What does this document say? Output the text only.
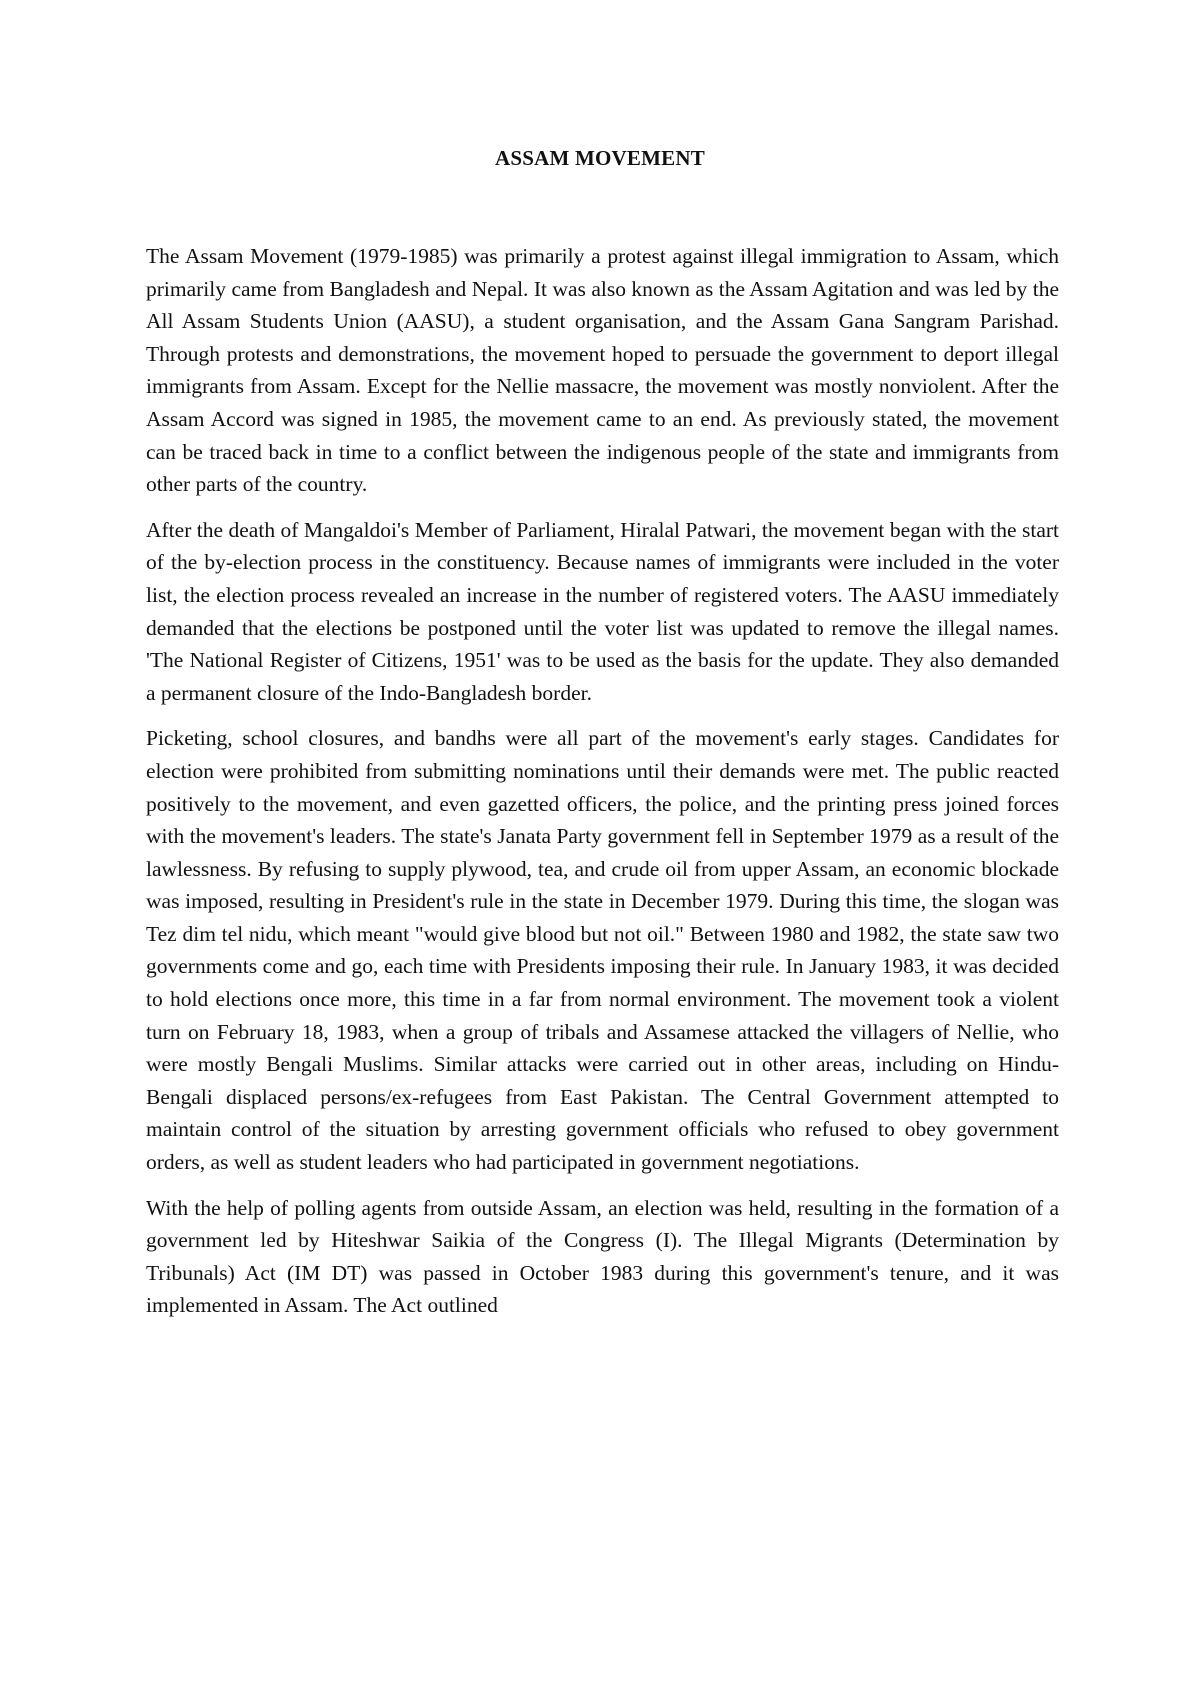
ASSAM MOVEMENT

The Assam Movement (1979-1985) was primarily a protest against illegal immigration to Assam, which primarily came from Bangladesh and Nepal. It was also known as the Assam Agitation and was led by the All Assam Students Union (AASU), a student organisation, and the Assam Gana Sangram Parishad. Through protests and demonstrations, the movement hoped to persuade the government to deport illegal immigrants from Assam. Except for the Nellie massacre, the movement was mostly nonviolent. After the Assam Accord was signed in 1985, the movement came to an end. As previously stated, the movement can be traced back in time to a conflict between the indigenous people of the state and immigrants from other parts of the country.

After the death of Mangaldoi's Member of Parliament, Hiralal Patwari, the movement began with the start of the by-election process in the constituency. Because names of immigrants were included in the voter list, the election process revealed an increase in the number of registered voters. The AASU immediately demanded that the elections be postponed until the voter list was updated to remove the illegal names. 'The National Register of Citizens, 1951' was to be used as the basis for the update. They also demanded a permanent closure of the Indo-Bangladesh border.

Picketing, school closures, and bandhs were all part of the movement's early stages. Candidates for election were prohibited from submitting nominations until their demands were met. The public reacted positively to the movement, and even gazetted officers, the police, and the printing press joined forces with the movement's leaders. The state's Janata Party government fell in September 1979 as a result of the lawlessness. By refusing to supply plywood, tea, and crude oil from upper Assam, an economic blockade was imposed, resulting in President's rule in the state in December 1979. During this time, the slogan was Tez dim tel nidu, which meant "would give blood but not oil." Between 1980 and 1982, the state saw two governments come and go, each time with Presidents imposing their rule. In January 1983, it was decided to hold elections once more, this time in a far from normal environment. The movement took a violent turn on February 18, 1983, when a group of tribals and Assamese attacked the villagers of Nellie, who were mostly Bengali Muslims. Similar attacks were carried out in other areas, including on Hindu-Bengali displaced persons/ex-refugees from East Pakistan. The Central Government attempted to maintain control of the situation by arresting government officials who refused to obey government orders, as well as student leaders who had participated in government negotiations.

With the help of polling agents from outside Assam, an election was held, resulting in the formation of a government led by Hiteshwar Saikia of the Congress (I). The Illegal Migrants (Determination by Tribunals) Act (IM DT) was passed in October 1983 during this government's tenure, and it was implemented in Assam. The Act outlined
